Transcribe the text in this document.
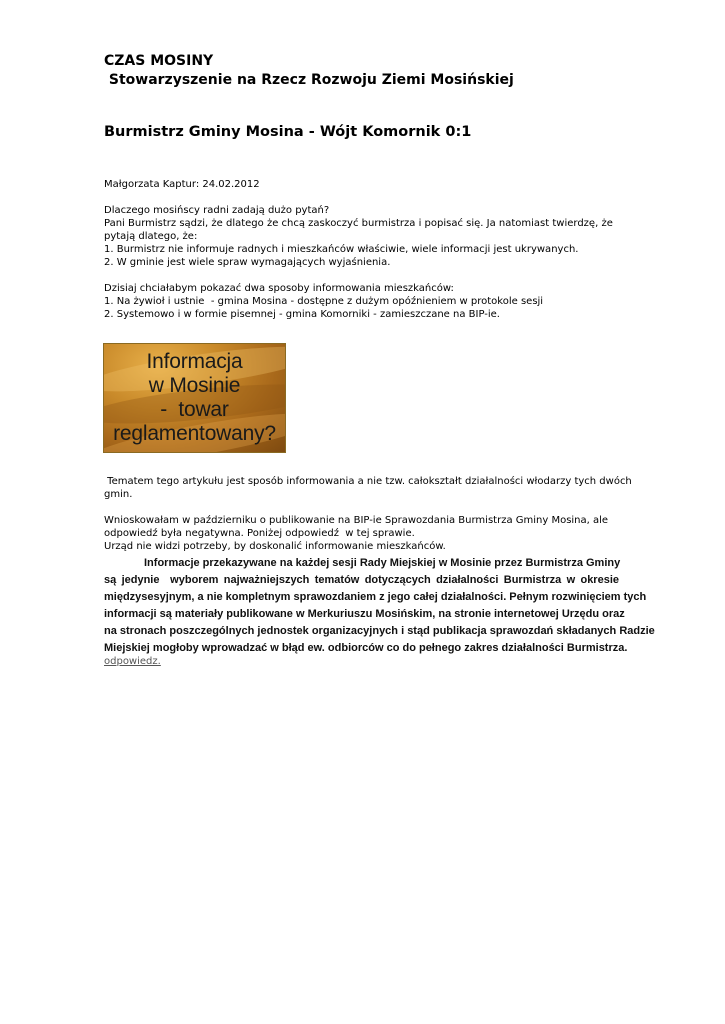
CZAS MOSINY
Stowarzyszenie na Rzecz Rozwoju Ziemi Mosińskiej
Burmistrz Gminy Mosina - Wójt Komornik 0:1

Małgorzata Kaptur: 24.02.2012

Dlaczego mosińscy radni zadają dużo pytań?
Pani Burmistrz sądzi, że dlatego że chcą zaskoczyć burmistrza i popisać się. Ja natomiast twierdzę, że
pytają dlatego, że:
1. Burmistrz nie informuje radnych i mieszkańców właściwie, wiele informacji jest ukrywanych.
2. W gminie jest wiele spraw wymagających wyjaśnienia.

Dzisiaj chciałabym pokazać dwa sposoby informowania mieszkańców:
1. Na żywioł i ustnie  - gmina Mosina - dostępne z dużym opóźnieniem w protokole sesji
2. Systemowo i w formie pisemnej - gmina Komorniki - zamieszczane na BIP-ie.

Informacja
w Mosinie
-  towar
reglamentowany?

Tematem tego artykułu jest sposób informowania a nie tzw. całokształt działalności włodarzy tych dwóch
gmin.

Wnioskowałam w październiku o publikowanie na BIP-ie Sprawozdania Burmistrza Gminy Mosina, ale
odpowiedź była negatywna. Poniżej odpowiedź  w tej sprawie.
Urząd nie widzi potrzeby, by doskonalić informowanie mieszkańców.

Informacje przekazywane na każdej sesji Rady Miejskiej w Mosinie przez Burmistrza Gminy
są jedynie  wyborem najważniejszych tematów dotyczących działalności Burmistrza w okresie
międzysesyjnym, a nie kompletnym sprawozdaniem z jego całej działalności. Pełnym rozwinięciem tych
informacji są materiały publikowane w Merkuriuszu Mosińskim, na stronie internetowej Urzędu oraz
na stronach poszczególnych jednostek organizacyjnych i stąd publikacja sprawozdań składanych Radzie
Miejskiej mogłoby wprowadzać w błąd ew. odbiorców co do pełnego zakres działalności Burmistrza.
odpowiedz.
